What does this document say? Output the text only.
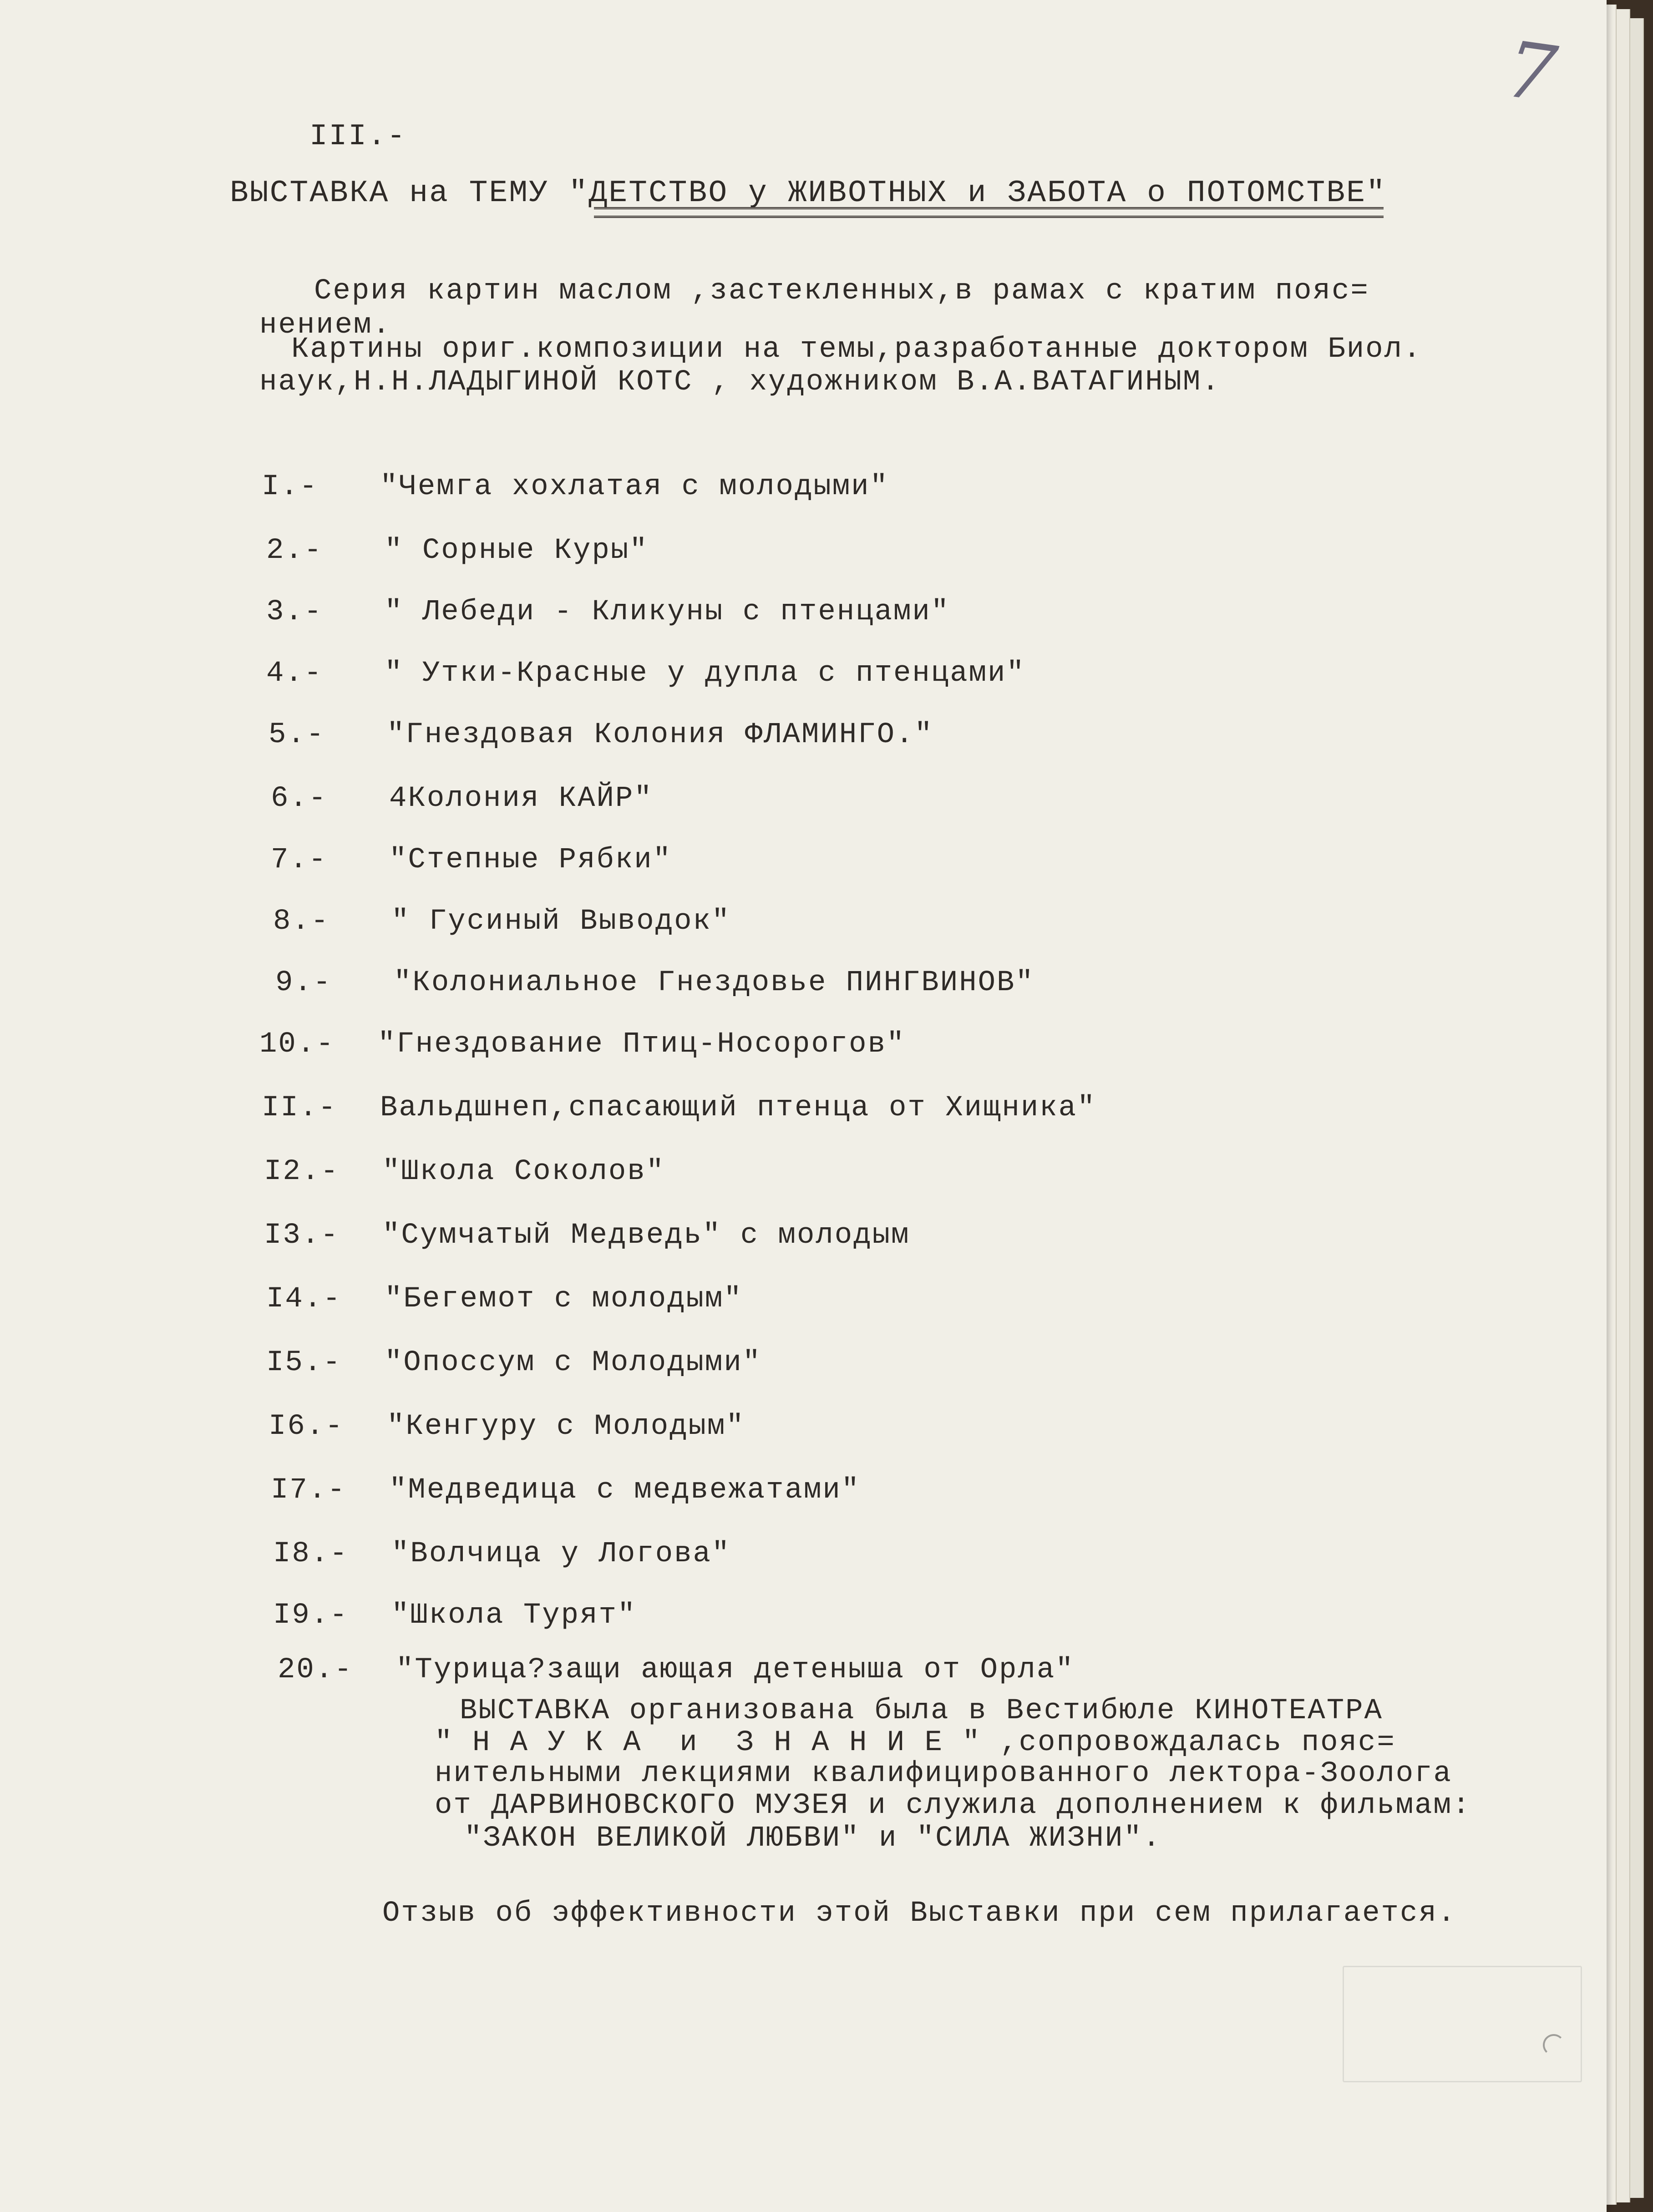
7
III.-
ВЫСТАВКА на ТЕМУ "ДЕТСТВО у ЖИВОТНЫХ и ЗАБОТА о ПОТОМСТВЕ"
Серия картин маслом ,застекленных,в рамах с кратим пояс=
нением.
Картины ориг.композиции на темы,разработанные доктором Биол.
наук,Н.Н.ЛАДЫГИНОЙ КОТС , художником В.А.ВАТАГИНЫМ.
I.- "Чемга хохлатая с молодыми"
2.- " Сорные Куры"
3.- " Лебеди - Кликуны с птенцами"
4.- " Утки-Красные у дупла с птенцами"
5.- "Гнездовая Колония ФЛАМИНГО."
6.- 4Колония КАЙР"
7.- "Степные Рябки"
8.- " Гусиный Выводок"
9.- "Колониальное Гнездовье ПИНГВИНОВ"
10.- "Гнездование Птиц-Носорогов"
II.- Вальдшнеп,спасающий птенца от Хищника"
I2.- "Школа Соколов"
I3.- "Сумчатый Медведь" с молодым
I4.- "Бегемот с молодым"
I5.- "Опоссум с Молодыми"
I6.- "Кенгуру с Молодым"
I7.- "Медведица с медвежатами"
I8.- "Волчица у Логова"
I9.- "Школа Турят"
20.- "Турица?защи ающая детеныша от Орла"
ВЫСТАВКА организована была в Вестибюле КИНОТЕАТРА
" Н А У К А  и  З Н А Н И Е " ,сопровождалась пояс=
нительными лекциями квалифицированного лектора-Зоолога
от ДАРВИНОВСКОГО МУЗЕЯ и служила дополнением к фильмам:
"ЗАКОН ВЕЛИКОЙ ЛЮБВИ" и "СИЛА ЖИЗНИ".
Отзыв об эффективности этой Выставки при сем прилагается.
